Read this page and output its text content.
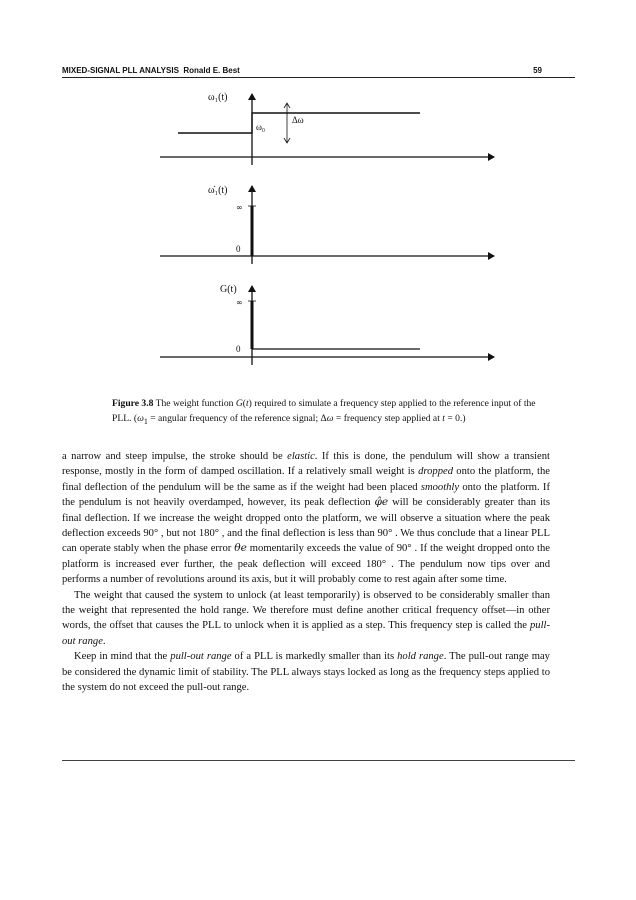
MIXED-SIGNAL PLL ANALYSIS Ronald E. Best	59
ω₁(t)
ω₀
Δω
ω̇₁(t)
∞
0
G(t)
∞
0
Figure 3.8 The weight function G(t) required to simulate a frequency step applied to the reference input of the PLL. ($\omega_1$ = angular frequency of the reference signal; Δω = frequency step applied at t = 0.)

a narrow and steep impulse, the stroke should be elastic. If this is done, the pendulum will show a transient response, mostly in the form of damped oscillation. If a relatively small weight is dropped onto the platform, the final deflection of the pendulum will be the same as if the weight had been placed smoothly onto the platform. If the pendulum is not heavily overdamped, however, its peak deflection φ̂e will be considerably greater than its final deflection. If we increase the weight dropped onto the platform, we will observe a situation where the peak deflection exceeds 90° , but not 180° , and the final deflection is less than 90° . We thus conclude that a linear PLL can operate stably when the phase error θe momentarily exceeds the value of 90° . If the weight dropped onto the platform is increased ever further, the peak deflection will exceed 180° . The pendulum now tips over and performs a number of revolutions around its axis, but it will probably come to rest again after some time.

The weight that caused the system to unlock (at least temporarily) is observed to be considerably smaller than the weight that represented the hold range. We therefore must define another critical frequency offset—in other words, the offset that causes the PLL to unlock when it is applied as a step. This frequency step is called the pull-out range.

Keep in mind that the pull-out range of a PLL is markedly smaller than its hold range. The pull-out range may be considered the dynamic limit of stability. The PLL always stays locked as long as the frequency steps applied to the system do not exceed the pull-out range.
